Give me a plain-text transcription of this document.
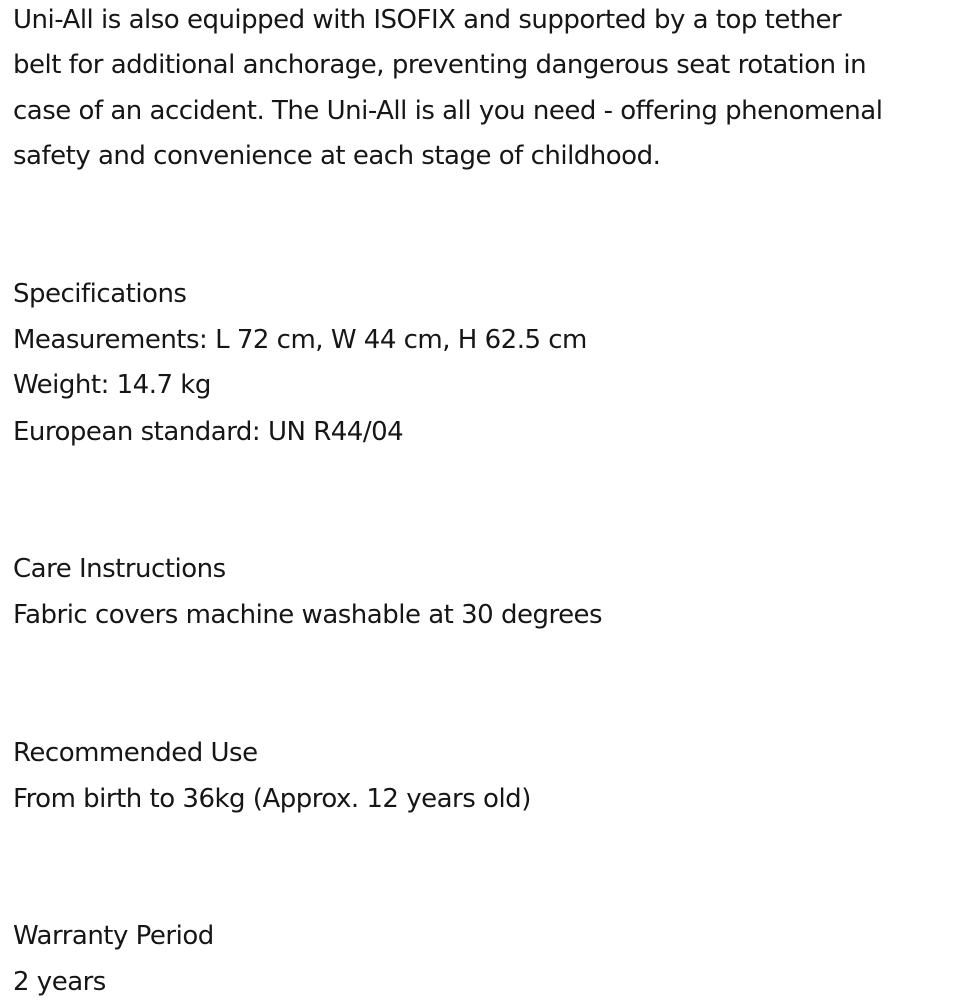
Uni-All is also equipped with ISOFIX and supported by a top tether

belt for additional anchorage, preventing dangerous seat rotation in

case of an accident. The Uni-All is all you need - offering phenomenal

safety and convenience at each stage of childhood.

Specifications

Measurements: L 72 cm, W 44 cm, H 62.5 cm

Weight: 14.7 kg

European standard: UN R44/04

Care Instructions

Fabric covers machine washable at 30 degrees

Recommended Use

From birth to 36kg (Approx. 12 years old)

Warranty Period

2 years
